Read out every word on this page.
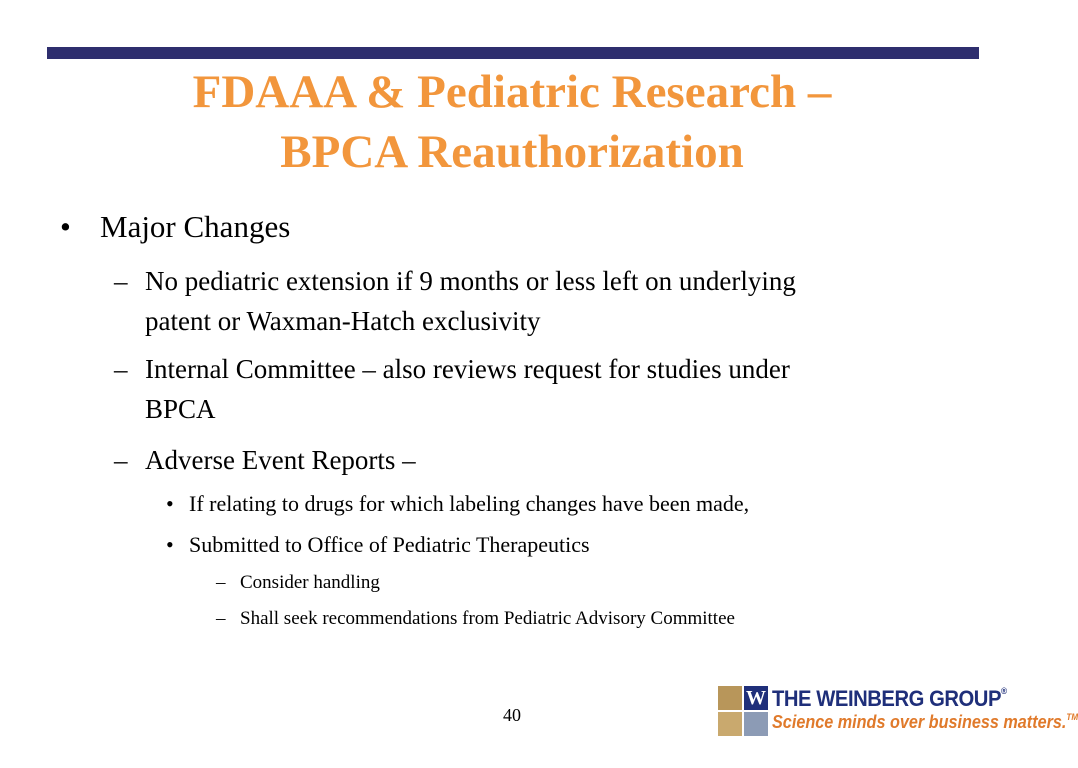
FDAAA & Pediatric Research –
BPCA Reauthorization
• Major Changes
– No pediatric extension if 9 months or less left on underlying
patent or Waxman-Hatch exclusivity
– Internal Committee – also reviews request for studies under
BPCA
– Adverse Event Reports –
• If relating to drugs for which labeling changes have been made,
• Submitted to Office of Pediatric Therapeutics
– Consider handling
– Shall seek recommendations from Pediatric Advisory Committee
40
W THE WEINBERG GROUP®
Science minds over business matters.™
